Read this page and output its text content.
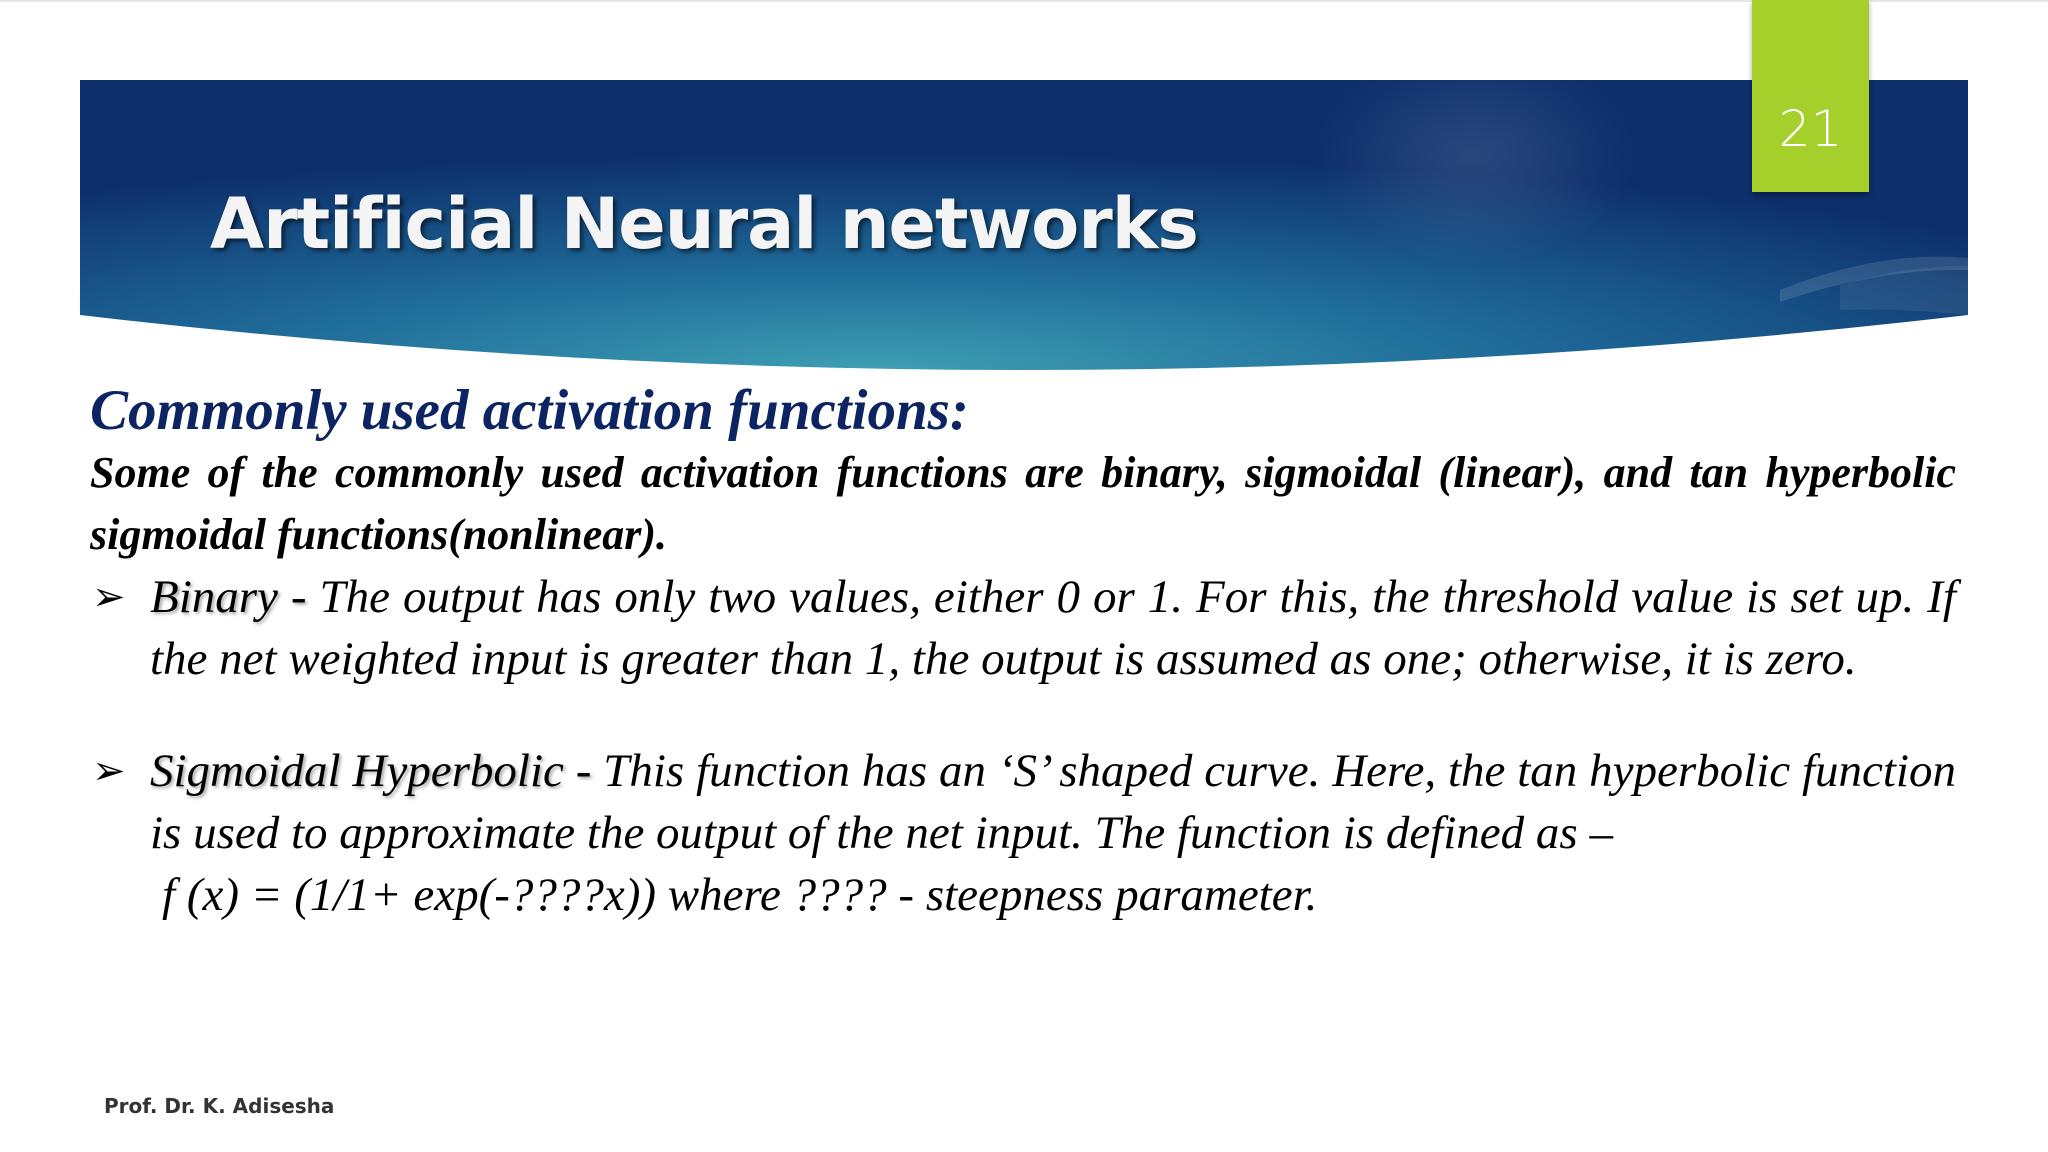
Artificial Neural networks
21

Commonly used activation functions:

Some of the commonly used activation functions are binary, sigmoidal (linear), and tan hyperbolic sigmoidal functions(nonlinear).

➢ Binary - The output has only two values, either 0 or 1. For this, the threshold value is set up. If the net weighted input is greater than 1, the output is assumed as one; otherwise, it is zero.
➢ Sigmoidal Hyperbolic - This function has an ‘S’ shaped curve. Here, the tan hyperbolic function is used to approximate the output of the net input. The function is defined as –
f (x) = (1/1+ exp(-????x)) where ???? - steepness parameter.
Prof. Dr. K. Adisesha
